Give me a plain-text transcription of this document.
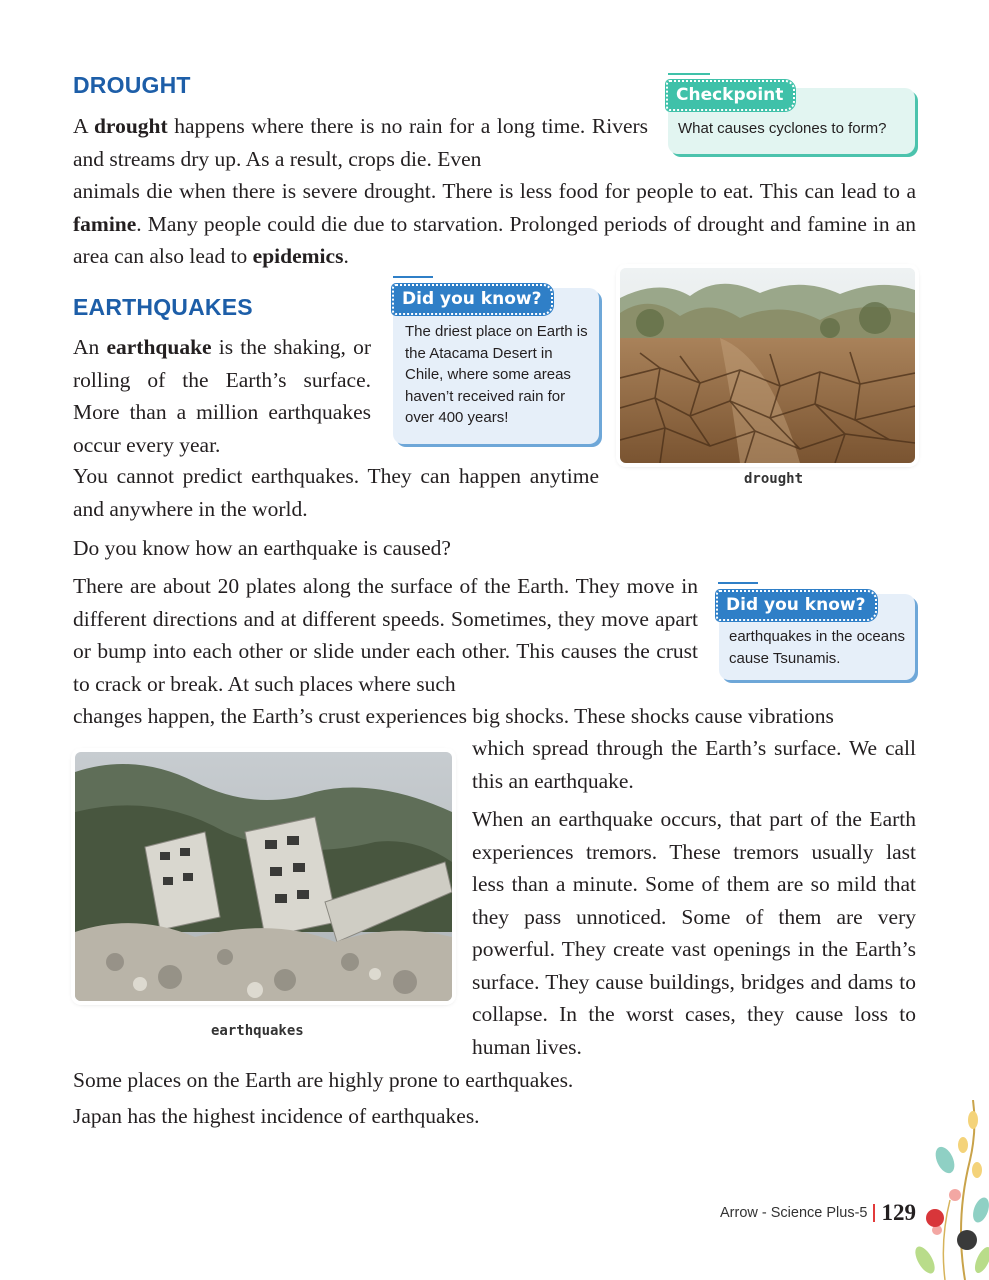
DROUGHT

A drought happens where there is no rain for a long time. Rivers and streams dry up. As a result, crops die. Even

animals die when there is severe drought. There is less food for people to eat. This can lead to a famine. Many people could die due to starvation. Prolonged periods of drought and famine in an area can also lead to epidemics.

What causes cyclones to form?
Checkpoint
EARTHQUAKES
The driest place on Earth is the Atacama Desert in Chile, where some areas haven’t received rain for over 400 years!
Did you know?
drought

An earthquake is the shaking, or rolling of the Earth’s surface. More than a million earthquakes occur every year.

You cannot predict earthquakes. They can happen anytime and anywhere in the world.

Do you know how an earthquake is caused?

There are about 20 plates along the surface of the Earth. They move in different directions and at different speeds. Sometimes, they move apart or bump into each other or slide under each other. This causes the crust to crack or break. At such places where such

changes happen, the Earth’s crust experiences big shocks. These shocks cause vibrations

which spread through the Earth’s surface. We call this an earthquake.

When an earthquake occurs, that part of the Earth experiences tremors. These tremors usually last less than a minute. Some of them are so mild that they pass unnoticed. Some of them are very powerful. They create vast openings in the Earth’s surface. They cause buildings, bridges and dams to collapse. In the worst cases, they cause loss to human lives.

Some places on the Earth are highly prone to earthquakes.

Japan has the highest incidence of earthquakes.

earthquakes in the oceans cause Tsunamis.
Did you know?
earthquakes
Arrow - Science Plus-5 129
